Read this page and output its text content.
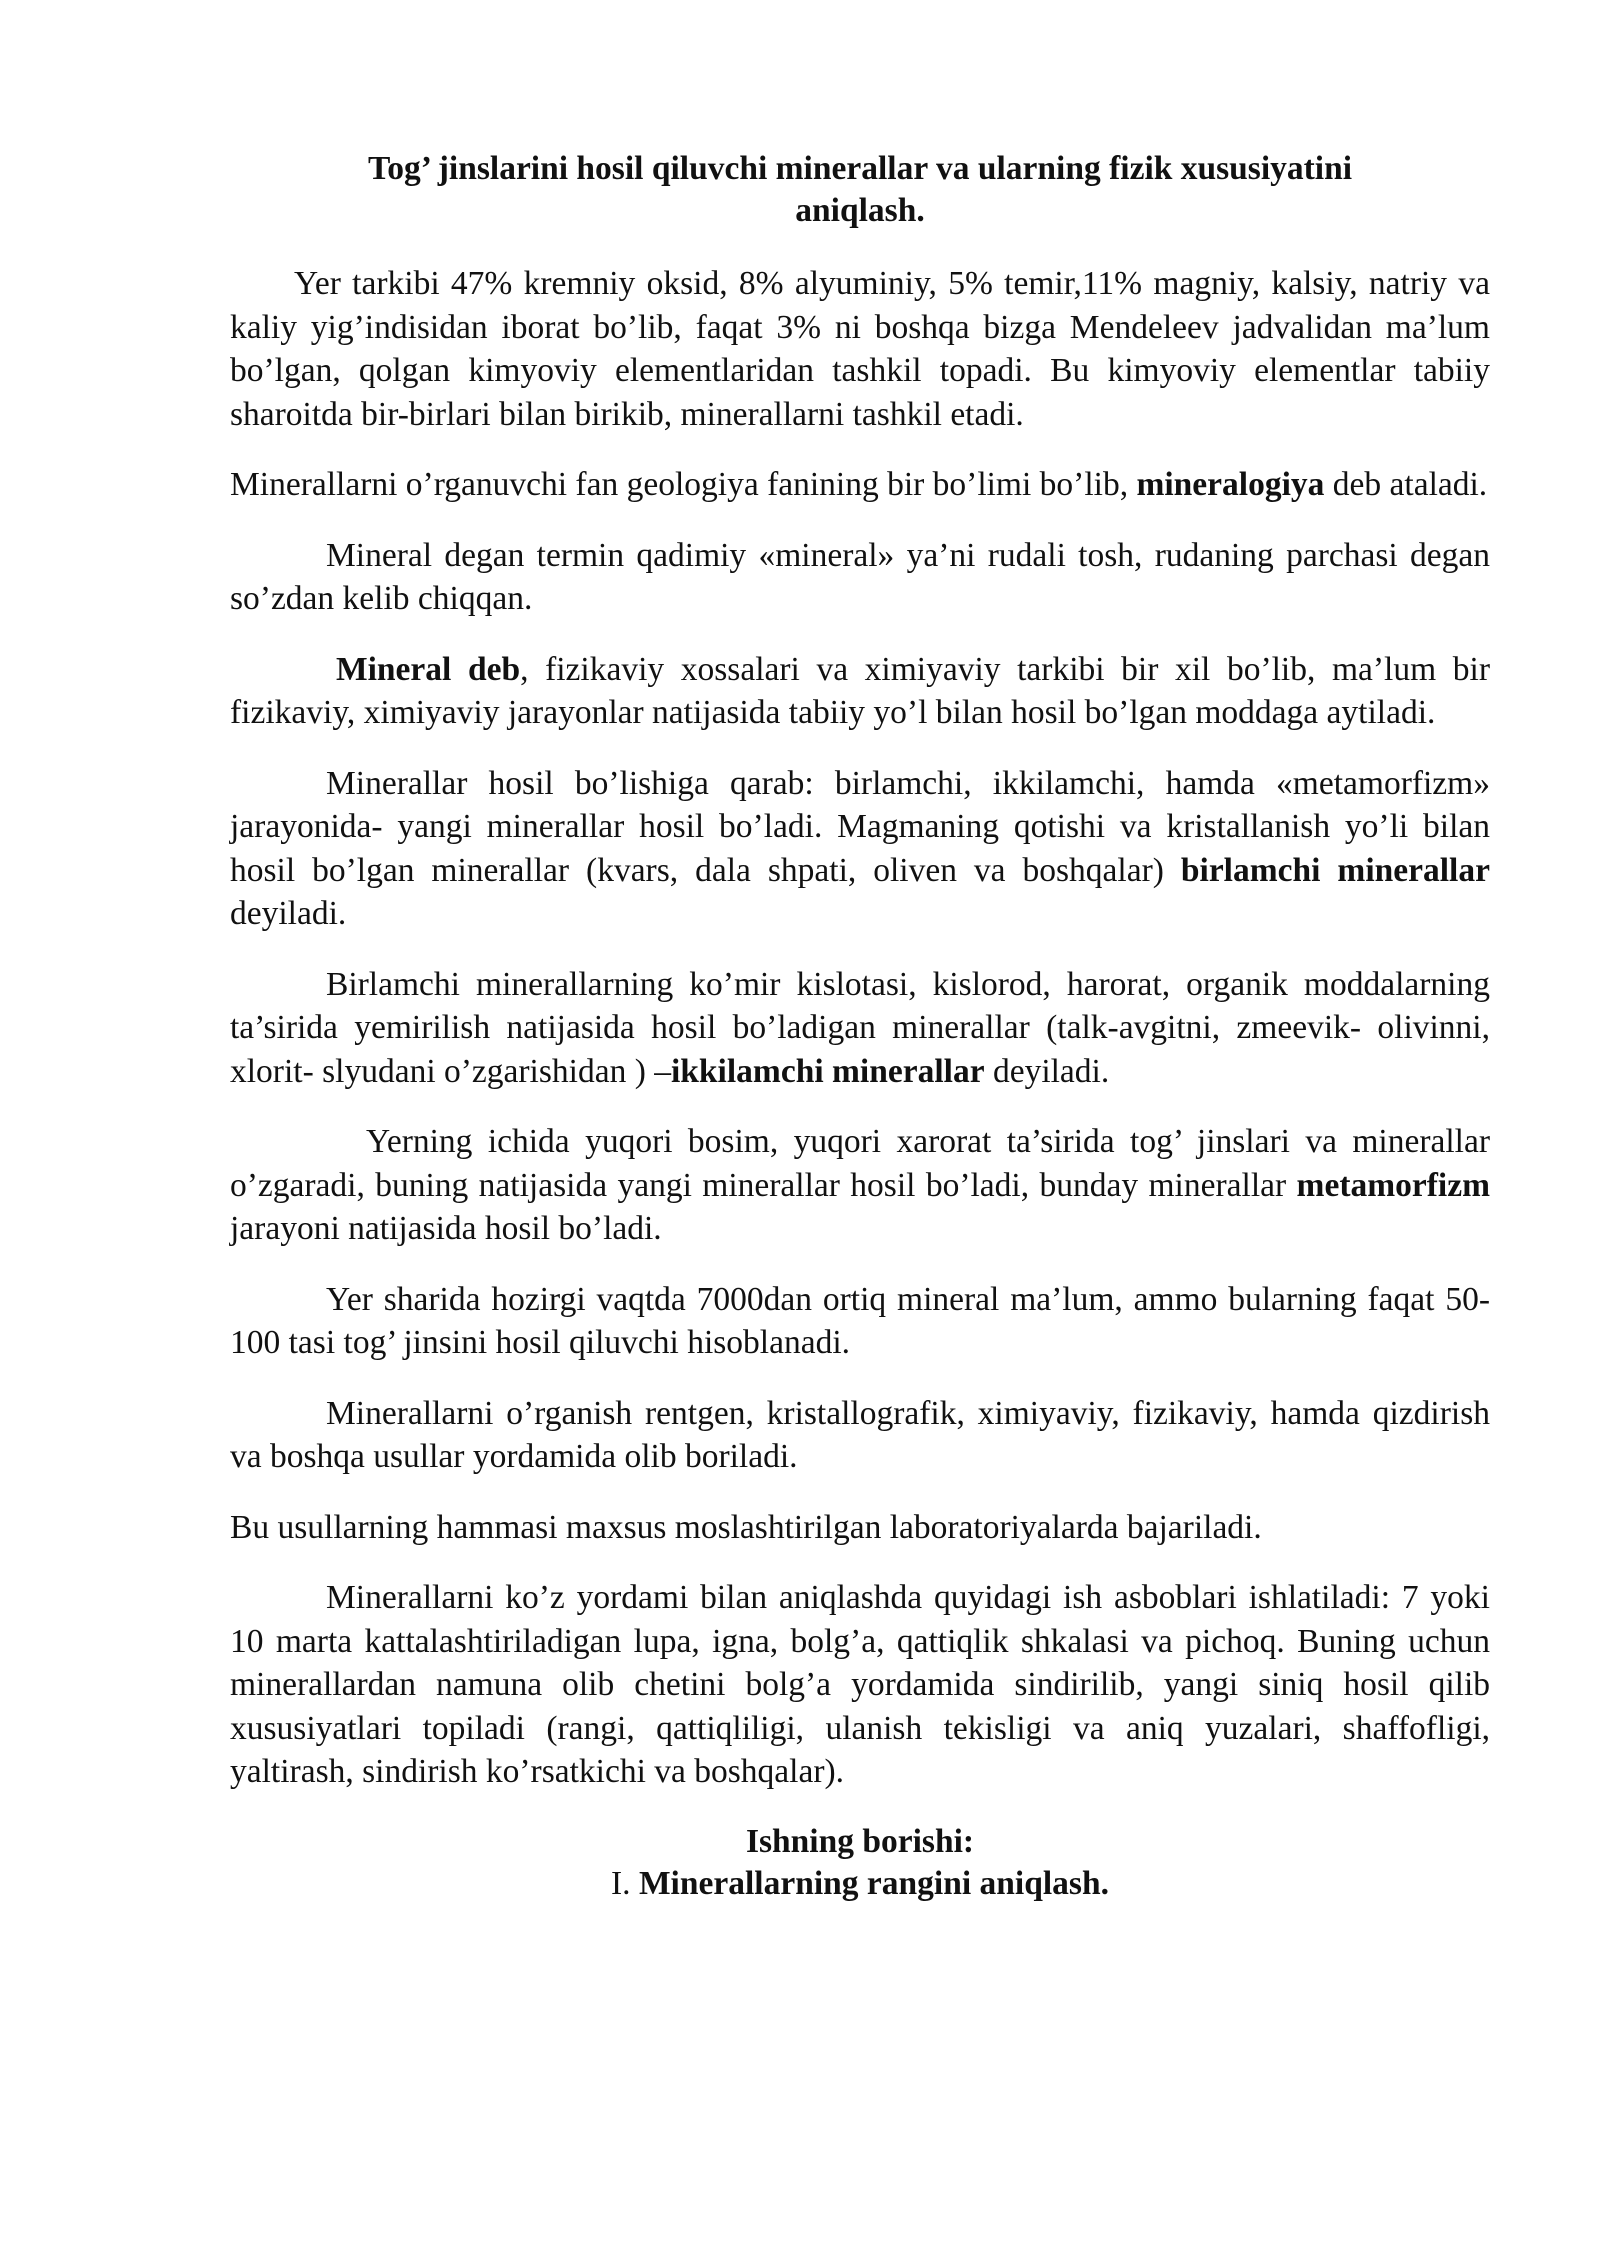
Tog’ jinslarini hosil qiluvchi minerallar va ularning fizik xususiyatini
aniqlash.

Yer tarkibi 47% kremniy oksid, 8% alyuminiy, 5% temir,11% magniy, kalsiy, natriy va kaliy yig’indisidan iborat bo’lib, faqat 3% ni boshqa bizga Mendeleev jadvalidan ma’lum bo’lgan, qolgan kimyoviy elementlaridan tashkil topadi. Bu kimyoviy elementlar tabiiy sharoitda bir-birlari bilan birikib, minerallarni tashkil etadi.

Minerallarni o’rganuvchi fan geologiya fanining bir bo’limi bo’lib, mineralogiya deb ataladi.

Mineral degan termin qadimiy «mineral» ya’ni rudali tosh, rudaning parchasi degan so’zdan kelib chiqqan.

Mineral deb, fizikaviy xossalari va ximiyaviy tarkibi bir xil bo’lib, ma’lum bir fizikaviy, ximiyaviy jarayonlar natijasida tabiiy yo’l bilan hosil bo’lgan moddaga aytiladi.

Minerallar hosil bo’lishiga qarab: birlamchi, ikkilamchi, hamda «metamorfizm» jarayonida- yangi minerallar hosil bo’ladi. Magmaning qotishi va kristallanish yo’li bilan hosil bo’lgan minerallar (kvars, dala shpati, oliven va boshqalar) birlamchi minerallar deyiladi.

Birlamchi minerallarning ko’mir kislotasi, kislorod, harorat, organik moddalarning ta’sirida yemirilish natijasida hosil bo’ladigan minerallar (talk-avgitni, zmeevik- olivinni, xlorit- slyudani o’zgarishidan ) –ikkilamchi minerallar deyiladi.

Yerning ichida yuqori bosim, yuqori xarorat ta’sirida tog’ jinslari va minerallar o’zgaradi, buning natijasida yangi minerallar hosil bo’ladi, bunday minerallar metamorfizm jarayoni natijasida hosil bo’ladi.

Yer sharida hozirgi vaqtda 7000dan ortiq mineral ma’lum, ammo bularning faqat 50-100 tasi tog’ jinsini hosil qiluvchi hisoblanadi.

Minerallarni o’rganish rentgen, kristallografik, ximiyaviy, fizikaviy, hamda qizdirish va boshqa usullar yordamida olib boriladi.

Bu usullarning hammasi maxsus moslashtirilgan laboratoriyalarda bajariladi.

Minerallarni ko’z yordami bilan aniqlashda quyidagi ish asboblari ishlatiladi: 7 yoki 10 marta kattalashtiriladigan lupa, igna, bolg’a, qattiqlik shkalasi va pichoq. Buning uchun minerallardan namuna olib chetini bolg’a yordamida sindirilib, yangi siniq hosil qilib xususiyatlari topiladi (rangi, qattiqliligi, ulanish tekisligi va aniq yuzalari, shaffofligi, yaltirash, sindirish ko’rsatkichi va boshqalar).

Ishning borishi:
I. Minerallarning rangini aniqlash.
